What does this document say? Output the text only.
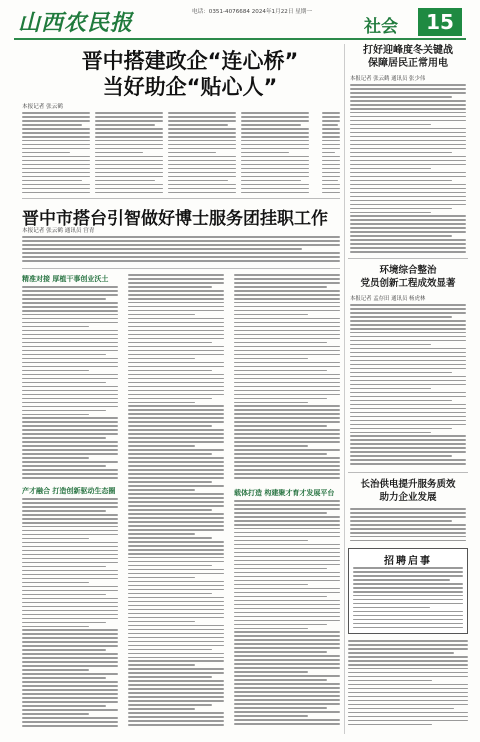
山西农民报	电话：0351-4076684 2024年1月22日 星期一
社会	15
晋中搭建政企“连心桥”
当好助企“贴心人”
本报记者 张云鹤
晋中市搭台引智做好博士服务团挂职工作
本报记者 张云鹤 通讯员 宫青
精准对接 厚植干事创业沃土
产才融合 打造创新驱动生态圈	载体打造 构建聚才育才发展平台
打好迎峰度冬关键战
保障居民正常用电
本报记者 张云鹤 通讯员 张少伟
环境综合整治
党员创新工程成效显著
本报记者 孟存田 通讯员 杨虎林
长治供电提升服务质效
助力企业发展
招聘启事
